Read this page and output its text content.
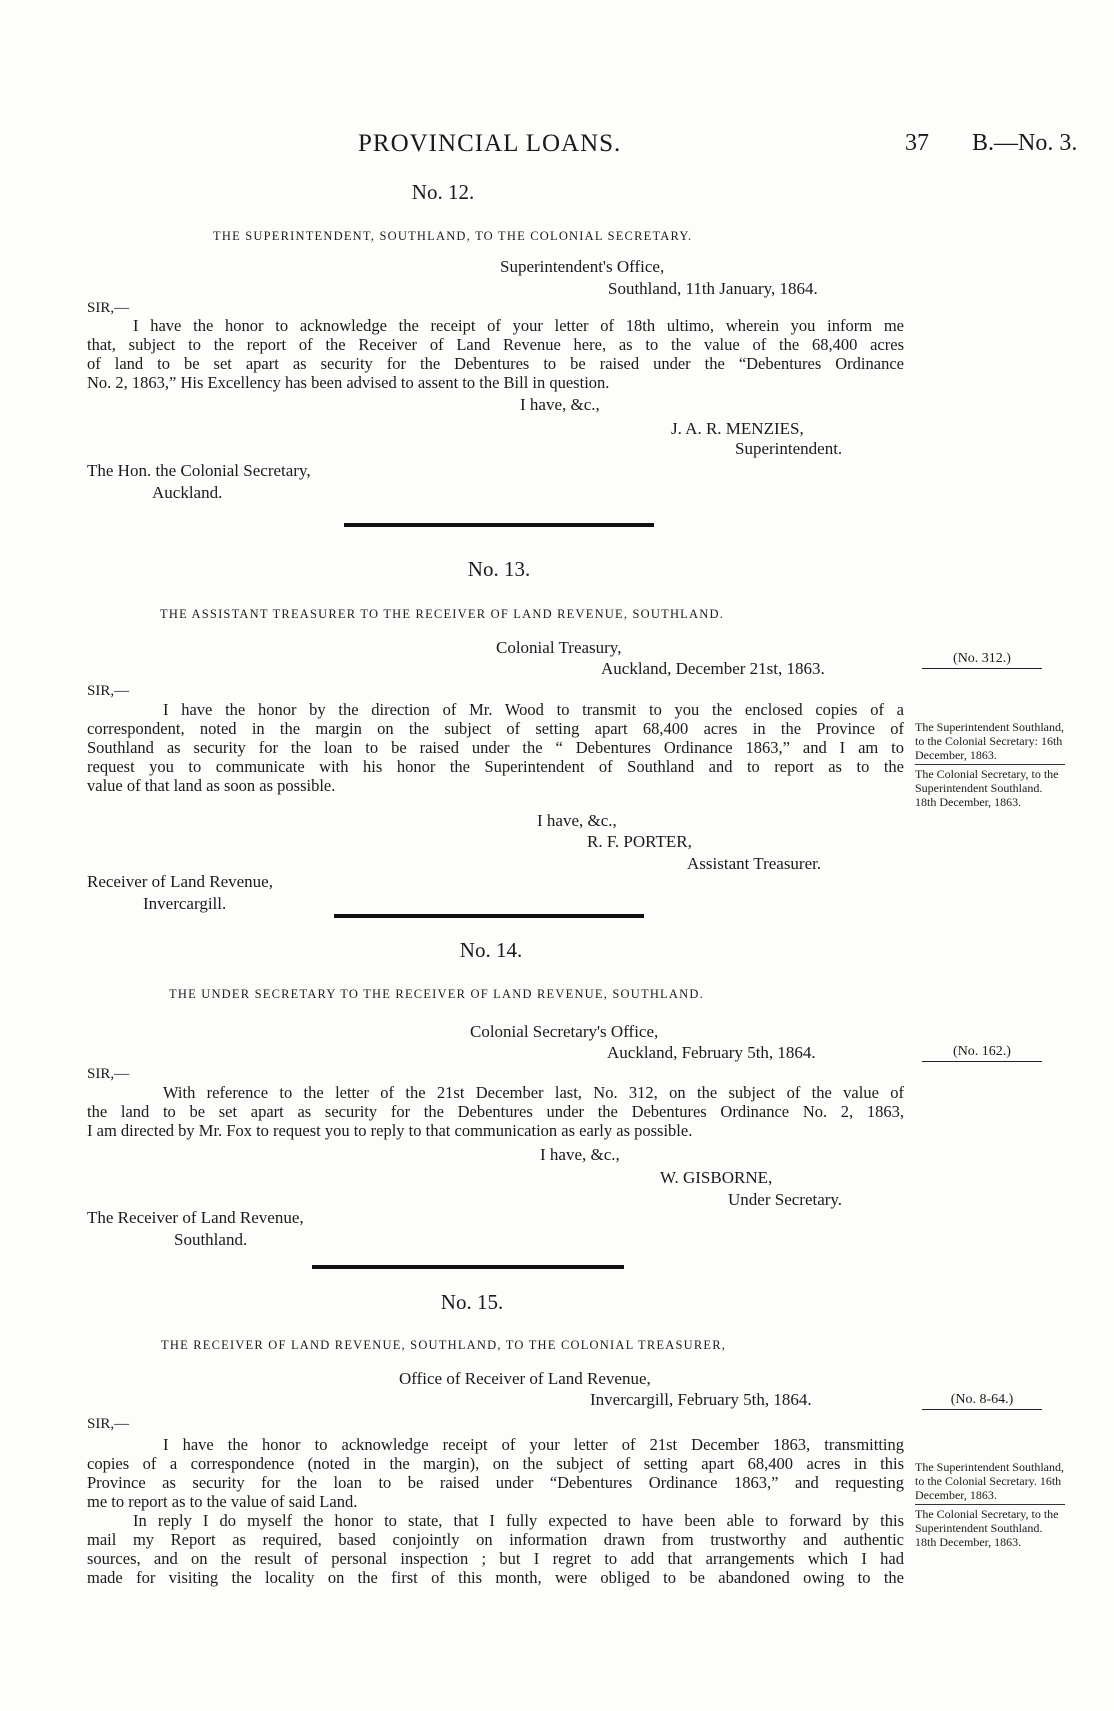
PROVINCIAL LOANS.	37 B.—No. 3.
No. 12.
THE SUPERINTENDENT, SOUTHLAND, TO THE COLONIAL SECRETARY.
Superintendent's Office,
Southland, 11th January, 1864.
SIR,—
I have the honor to acknowledge the receipt of your letter of 18th ultimo, wherein you inform me
that, subject to the report of the Receiver of Land Revenue here, as to the value of the 68,400 acres
of land to be set apart as security for the Debentures to be raised under the “Debentures Ordinance
No. 2, 1863,” His Excellency has been advised to assent to the Bill in question.
I have, &c.,
J. A. R. MENZIES,
Superintendent.
The Hon. the Colonial Secretary,
Auckland.
No. 13.
THE ASSISTANT TREASURER TO THE RECEIVER OF LAND REVENUE, SOUTHLAND.
Colonial Treasury,
Auckland, December 21st, 1863.
(No. 312.)
SIR,—
I have the honor by the direction of Mr. Wood to transmit to you the enclosed copies of a
correspondent, noted in the margin on the subject of setting apart 68,400 acres in the Province of
Southland as security for the loan to be raised under the “ Debentures Ordinance 1863,” and I am to
request you to communicate with his honor the Superintendent of Southland and to report as to the
value of that land as soon as possible.
The Superintendent Southland, to the Colonial Secretary: 16th December, 1863.
The Colonial Secretary, to the Superintendent Southland. 18th December, 1863.
I have, &c.,
R. F. PORTER,
Assistant Treasurer.
Receiver of Land Revenue,
Invercargill.
No. 14.
THE UNDER SECRETARY TO THE RECEIVER OF LAND REVENUE, SOUTHLAND.
Colonial Secretary's Office,
Auckland, February 5th, 1864.	(No. 162.)
SIR,—
With reference to the letter of the 21st December last, No. 312, on the subject of the value of
the land to be set apart as security for the Debentures under the Debentures Ordinance No. 2, 1863,
I am directed by Mr. Fox to request you to reply to that communication as early as possible.
I have, &c.,
W. GISBORNE,
Under Secretary.
The Receiver of Land Revenue,
Southland.
No. 15.
THE RECEIVER OF LAND REVENUE, SOUTHLAND, TO THE COLONIAL TREASURER,
Office of Receiver of Land Revenue,
Invercargill, February 5th, 1864.	(No. 8-64.)
SIR,—
I have the honor to acknowledge receipt of your letter of 21st December 1863, transmitting
copies of a correspondence (noted in the margin), on the subject of setting apart 68,400 acres in this
Province as security for the loan to be raised under “Debentures Ordinance 1863,” and requesting
me to report as to the value of said Land.
In reply I do myself the honor to state, that I fully expected to have been able to forward by this
mail my Report as required, based conjointly on information drawn from trustworthy and authentic
sources, and on the result of personal inspection ; but I regret to add that arrangements which I had
made for visiting the locality on the first of this month, were obliged to be abandoned owing to the
The Superintendent Southland, to the Colonial Secretary. 16th December, 1863.
The Colonial Secretary, to the Superintendent Southland. 18th December, 1863.
